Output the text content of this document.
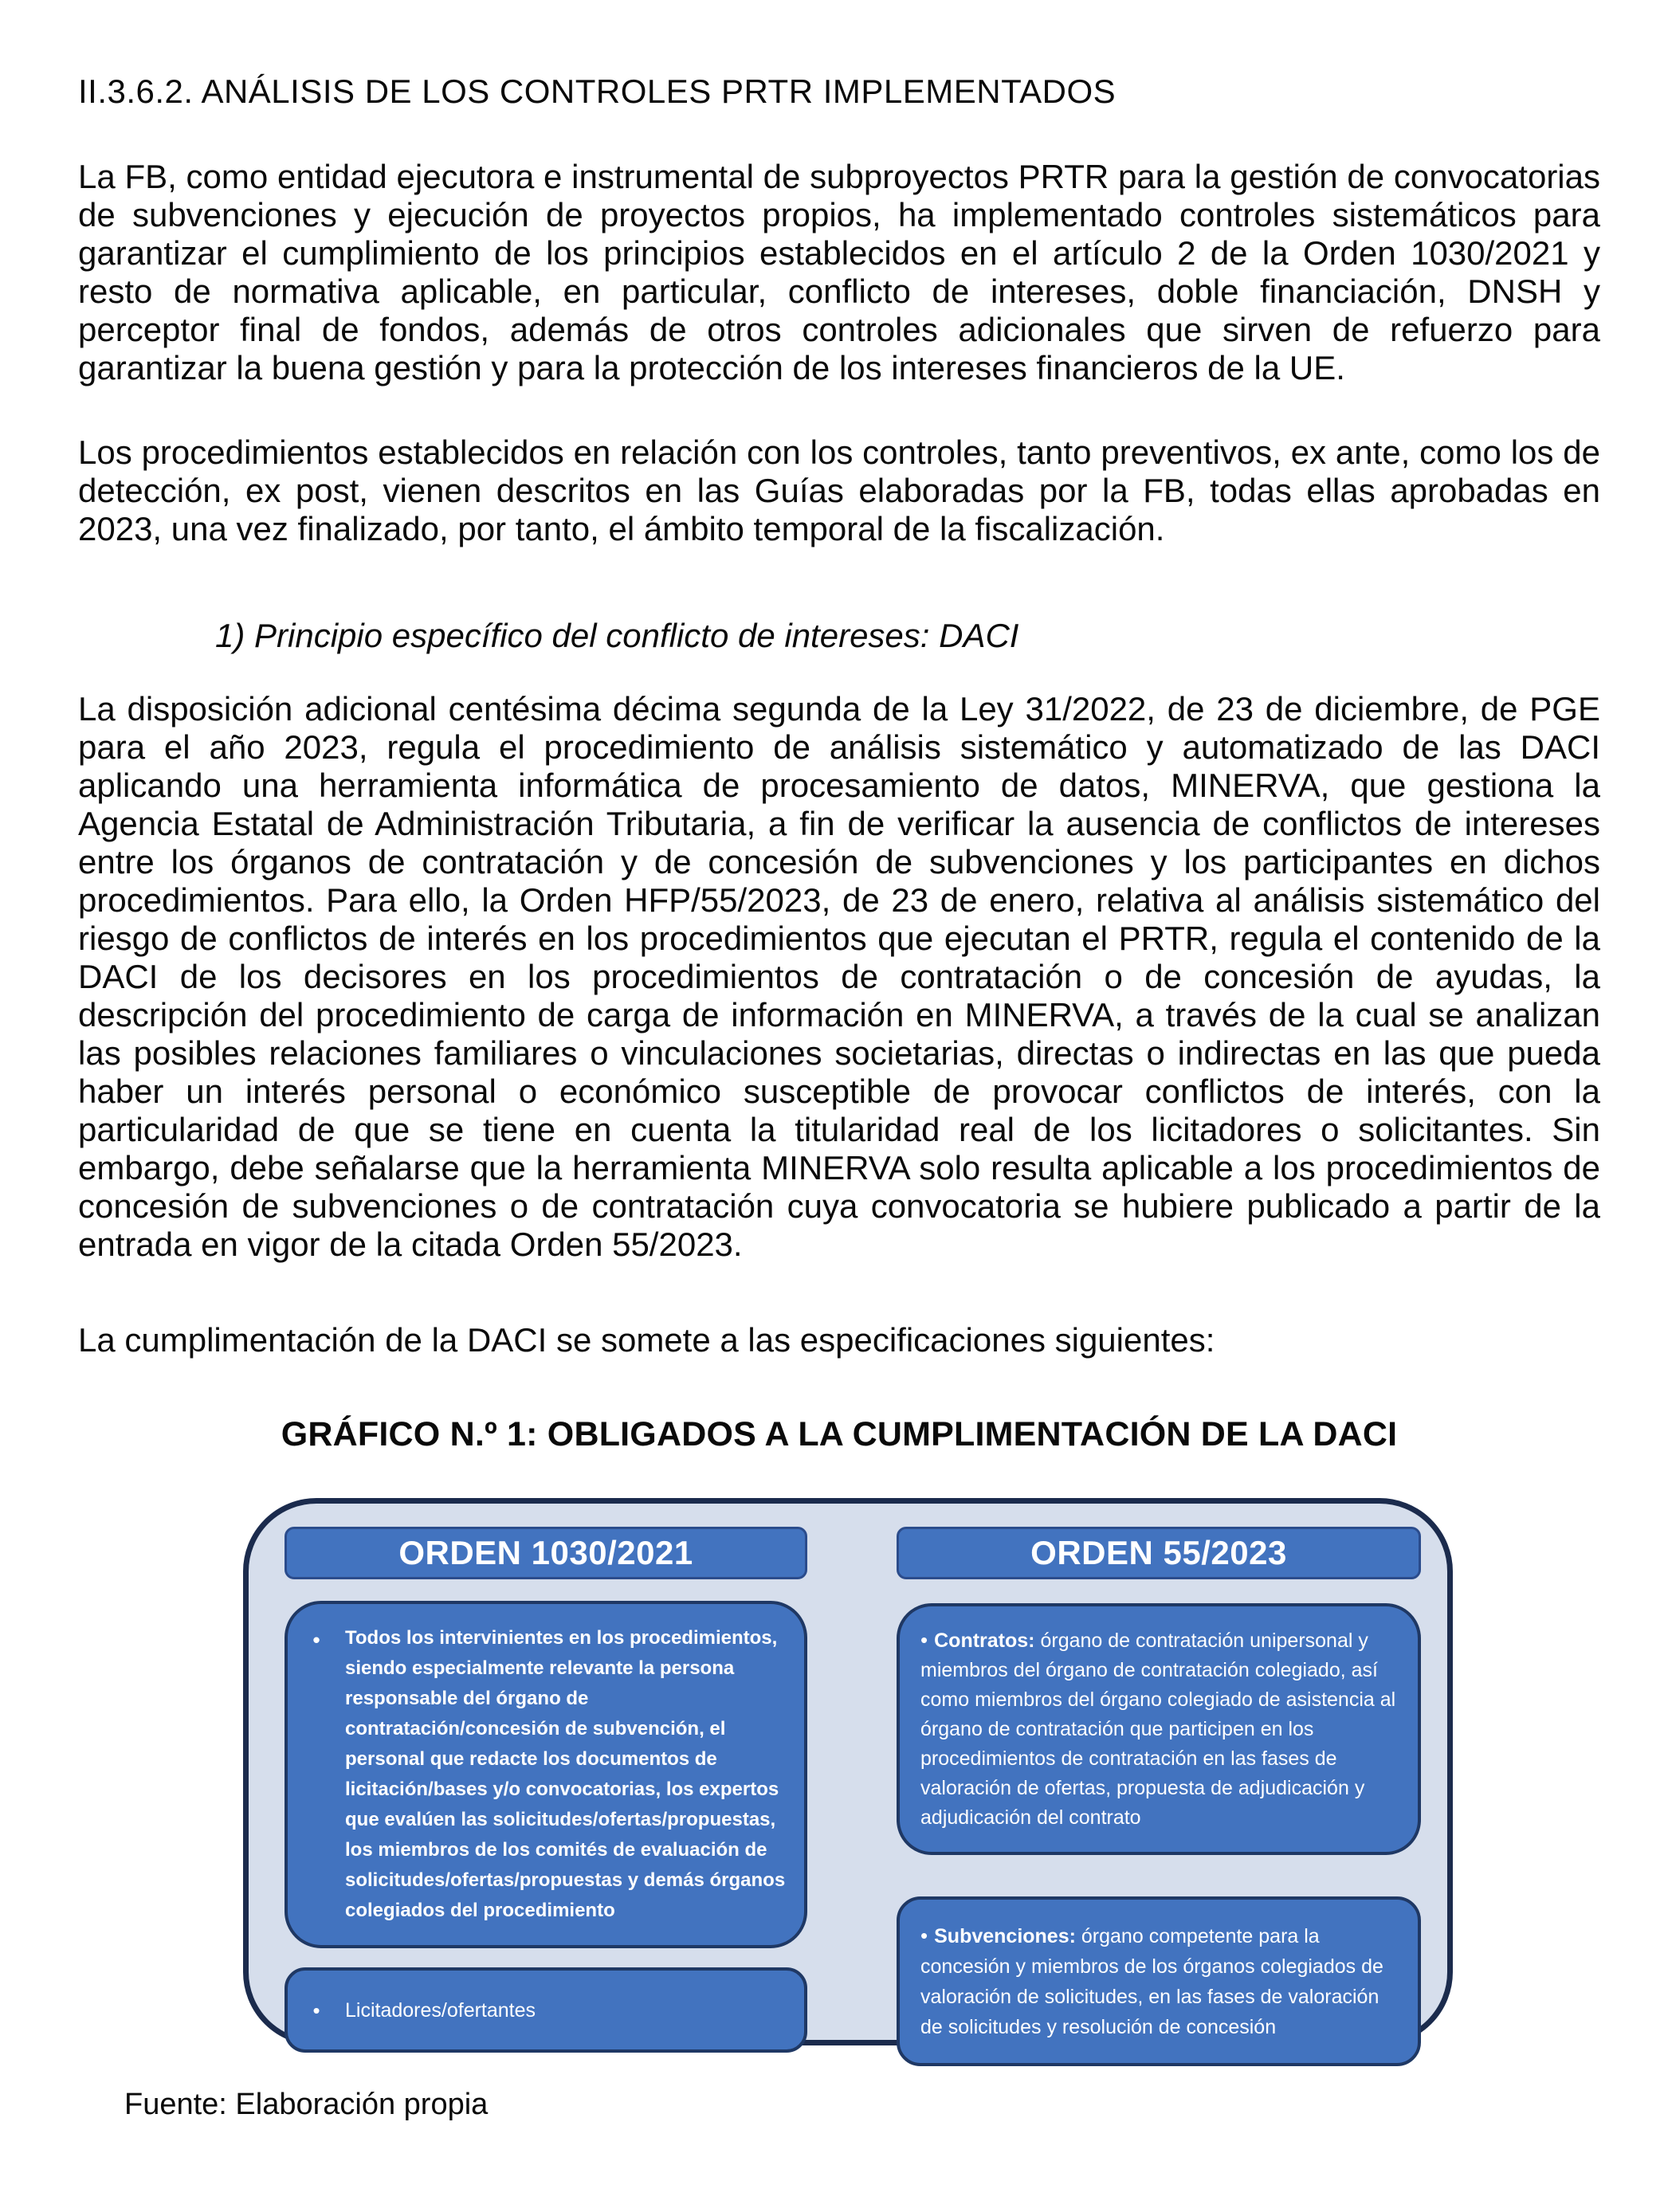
II.3.6.2. ANÁLISIS DE LOS CONTROLES PRTR IMPLEMENTADOS

La FB, como entidad ejecutora e instrumental de subproyectos PRTR para la gestión de convocatorias de subvenciones y ejecución de proyectos propios, ha implementado controles sistemáticos para garantizar el cumplimiento de los principios establecidos en el artículo 2 de la Orden 1030/2021 y resto de normativa aplicable, en particular, conflicto de intereses, doble financiación, DNSH y perceptor final de fondos, además de otros controles adicionales que sirven de refuerzo para garantizar la buena gestión y para la protección de los intereses financieros de la UE.

Los procedimientos establecidos en relación con los controles, tanto preventivos, ex ante, como los de detección, ex post, vienen descritos en las Guías elaboradas por la FB, todas ellas aprobadas en 2023, una vez finalizado, por tanto, el ámbito temporal de la fiscalización.

1) Principio específico del conflicto de intereses: DACI

La disposición adicional centésima décima segunda de la Ley 31/2022, de 23 de diciembre, de PGE para el año 2023, regula el procedimiento de análisis sistemático y automatizado de las DACI aplicando una herramienta informática de procesamiento de datos, MINERVA, que gestiona la Agencia Estatal de Administración Tributaria, a fin de verificar la ausencia de conflictos de intereses entre los órganos de contratación y de concesión de subvenciones y los participantes en dichos procedimientos. Para ello, la Orden HFP/55/2023, de 23 de enero, relativa al análisis sistemático del riesgo de conflictos de interés en los procedimientos que ejecutan el PRTR, regula el contenido de la DACI de los decisores en los procedimientos de contratación o de concesión de ayudas, la descripción del procedimiento de carga de información en MINERVA, a través de la cual se analizan las posibles relaciones familiares o vinculaciones societarias, directas o indirectas en las que pueda haber un interés personal o económico susceptible de provocar conflictos de interés, con la particularidad de que se tiene en cuenta la titularidad real de los licitadores o solicitantes. Sin embargo, debe señalarse que la herramienta MINERVA solo resulta aplicable a los procedimientos de concesión de subvenciones o de contratación cuya convocatoria se hubiere publicado a partir de la entrada en vigor de la citada Orden 55/2023.

La cumplimentación de la DACI se somete a las especificaciones siguientes:

GRÁFICO N.º 1: OBLIGADOS A LA CUMPLIMENTACIÓN DE LA DACI
ORDEN 1030/2021
•	Todos los intervinientes en los procedimientos, siendo especialmente relevante la persona responsable del órgano de contratación/concesión de subvención, el personal que redacte los documentos de licitación/bases y/o convocatorias, los expertos que evalúen las solicitudes/ofertas/propuestas, los miembros de los comités de evaluación de solicitudes/ofertas/propuestas y demás órganos colegiados del procedimiento
•	Licitadores/ofertantes
ORDEN 55/2023
• Contratos: órgano de contratación unipersonal y miembros del órgano de contratación colegiado, así como miembros del órgano colegiado de asistencia al órgano de contratación que participen en los procedimientos de contratación en las fases de valoración de ofertas, propuesta de adjudicación y adjudicación del contrato
• Subvenciones: órgano competente para la concesión y miembros de los órganos colegiados de valoración de solicitudes, en las fases de valoración de solicitudes y resolución de concesión

Fuente: Elaboración propia
